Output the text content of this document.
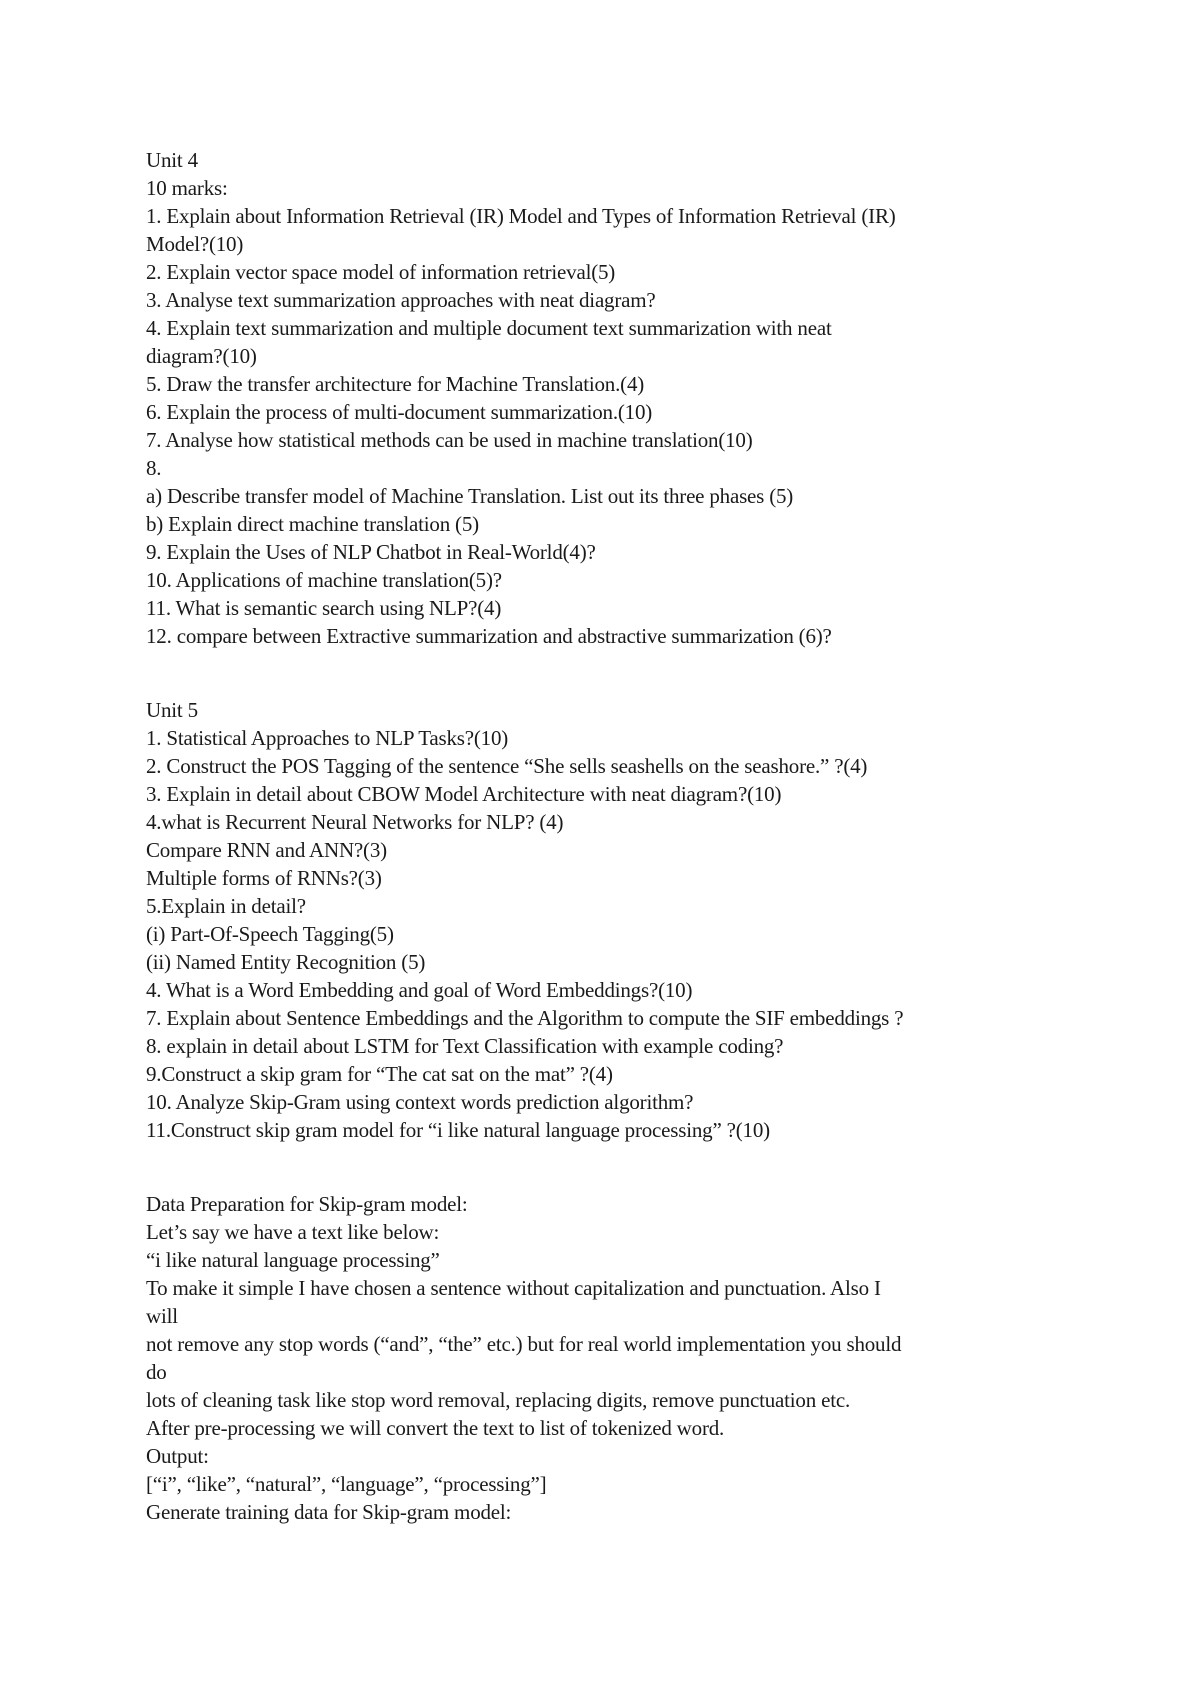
Unit 4
10 marks:
1. Explain about Information Retrieval (IR) Model and Types of Information Retrieval (IR)
Model?(10)
2. Explain vector space model of information retrieval(5)
3. Analyse text summarization approaches with neat diagram?
4. Explain text summarization and multiple document text summarization with neat
diagram?(10)
5. Draw the transfer architecture for Machine Translation.(4)
6. Explain the process of multi-document summarization.(10)
7. Analyse how statistical methods can be used in machine translation(10)
8.
a) Describe transfer model of Machine Translation. List out its three phases (5)
b) Explain direct machine translation (5)
9. Explain the Uses of NLP Chatbot in Real-World(4)?
10. Applications of machine translation(5)?
11. What is semantic search using NLP?(4)
12. compare between Extractive summarization and abstractive summarization (6)?
Unit 5
1. Statistical Approaches to NLP Tasks?(10)
2. Construct the POS Tagging of the sentence “She sells seashells on the seashore.” ?(4)
3. Explain in detail about CBOW Model Architecture with neat diagram?(10)
4.what is Recurrent Neural Networks for NLP? (4)
Compare RNN and ANN?(3)
Multiple forms of RNNs?(3)
5.Explain in detail?
(i) Part-Of-Speech Tagging(5)
(ii) Named Entity Recognition (5)
4. What is a Word Embedding and goal of Word Embeddings?(10)
7. Explain about Sentence Embeddings and the Algorithm to compute the SIF embeddings ?
8. explain in detail about LSTM for Text Classification with example coding?
9.Construct a skip gram for “The cat sat on the mat” ?(4)
10. Analyze Skip-Gram using context words prediction algorithm?
11.Construct skip gram model for “i like natural language processing” ?(10)
Data Preparation for Skip-gram model:
Let’s say we have a text like below:
“i like natural language processing”
To make it simple I have chosen a sentence without capitalization and punctuation. Also I
will
not remove any stop words (“and”, “the” etc.) but for real world implementation you should
do
lots of cleaning task like stop word removal, replacing digits, remove punctuation etc.
After pre-processing we will convert the text to list of tokenized word.
Output:
[“i”, “like”, “natural”, “language”, “processing”]
Generate training data for Skip-gram model:
